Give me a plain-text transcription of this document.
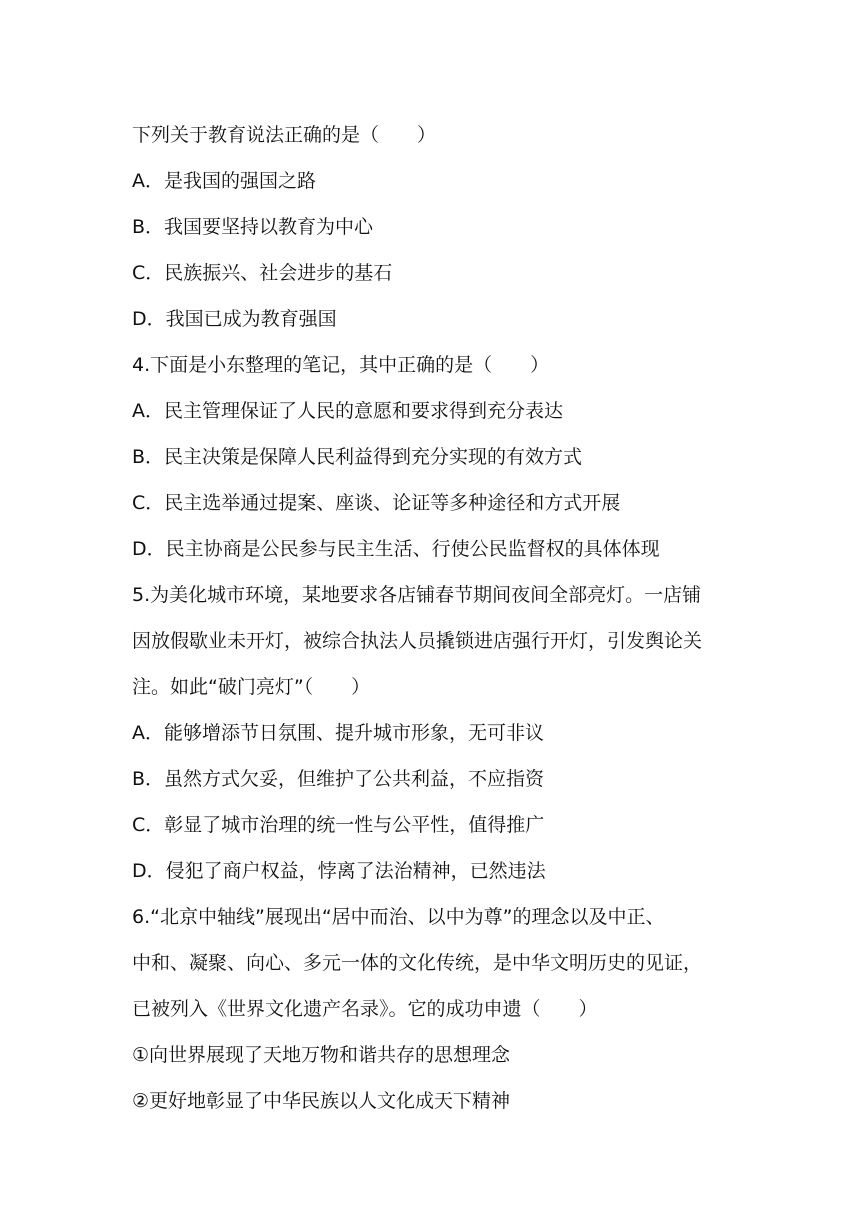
下列关于教育说法正确的是（　　）
A．是我国的强国之路
B．我国要坚持以教育为中心
C．民族振兴、社会进步的基石
D．我国已成为教育强国
4.下面是小东整理的笔记，其中正确的是（　　）
A．民主管理保证了人民的意愿和要求得到充分表达
B．民主决策是保障人民利益得到充分实现的有效方式
C．民主选举通过提案、座谈、论证等多种途径和方式开展
D．民主协商是公民参与民主生活、行使公民监督权的具体体现
5.为美化城市环境，某地要求各店铺春节期间夜间全部亮灯。一店铺
因放假歇业未开灯，被综合执法人员撬锁进店强行开灯，引发舆论关
注。如此“破门亮灯”（　　）
A．能够增添节日氛围、提升城市形象，无可非议
B．虽然方式欠妥，但维护了公共利益，不应指资
C．彰显了城市治理的统一性与公平性，值得推广
D．侵犯了商户权益，悖离了法治精神，已然违法
6.“北京中轴线”展现出“居中而治、以中为尊”的理念以及中正、
中和、凝聚、向心、多元一体的文化传统，是中华文明历史的见证，
已被列入《世界文化遗产名录》。它的成功申遗（　　）
①向世界展现了天地万物和谐共存的思想理念
②更好地彰显了中华民族以人文化成天下精神
